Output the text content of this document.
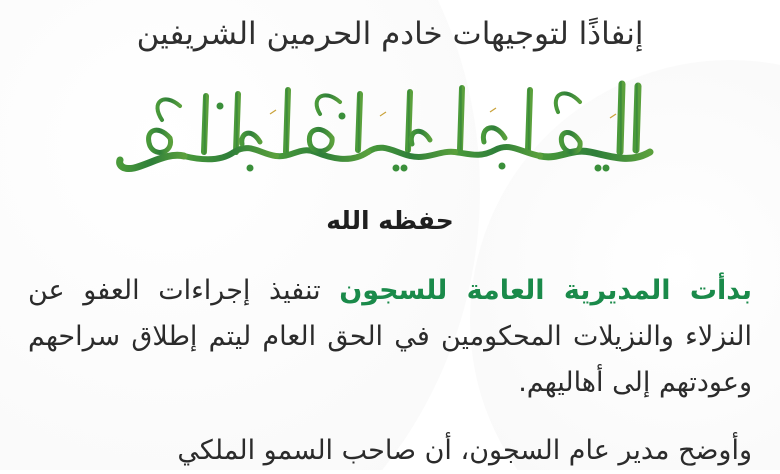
إنفاذًا لتوجيهات خادم الحرمين الشريفين
حفظه الله

بدأت المديرية العامة للسجون تنفيذ إجراءات العفو عن النزلاء والنزيلات المحكومين في الحق العام ليتم إطلاق سراحهم وعودتهم إلى أهاليهم.

وأوضح مدير عام السجون، أن صاحب السمو الملكي
